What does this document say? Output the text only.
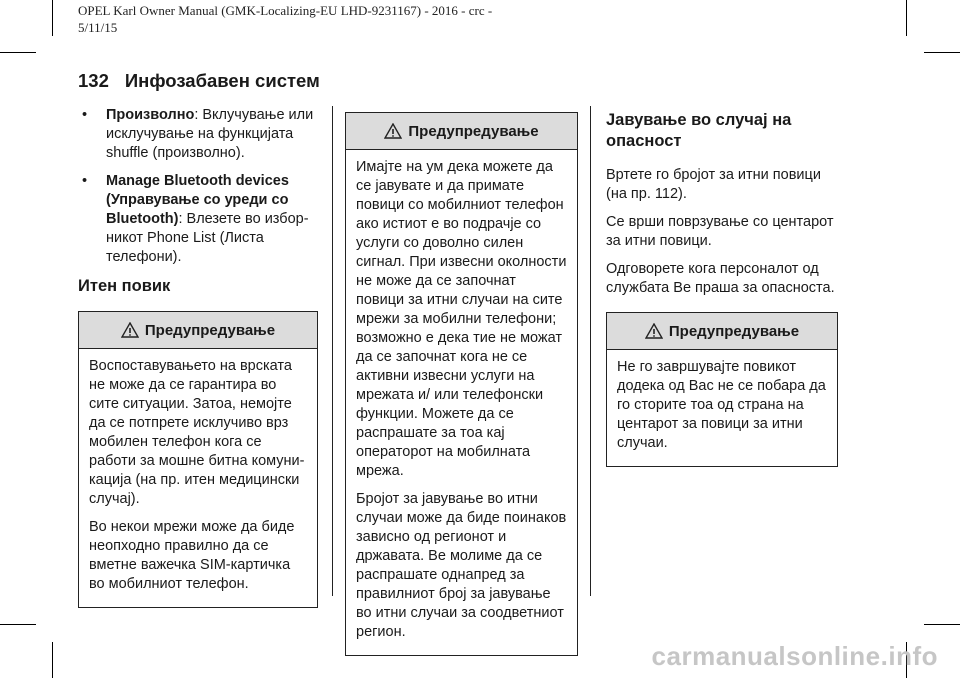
OPEL Karl Owner Manual (GMK-Localizing-EU LHD-9231167) - 2016 - crc -
5/11/15
132 Инфозабавен систем
• Произволно: Вклучување или исклучување на функцијата shuffle (произволно).
• Manage Bluetooth devices (Управување со уреди со Bluetooth): Влезете во избор-никот Phone List (Листа телефони).
Итен повик
Предупредување

Воспоставувањето на врската не може да се гарантира во сите ситуации. Затоа, немојте да се потпрете исклучиво врз мобилен телефон кога се работи за мошне битна комуни-кација (на пр. итен медицински случај).

Во некои мрежи може да биде неопходно правилно да се вметне важечка SIM-картичка во мобилниот телефон.

Предупредување

Имајте на ум дека можете да се јавувате и да примате повици со мобилниот телефон ако истиот е во подрачје со услуги со доволно силен сигнал. При извесни околности не може да се започнат повици за итни случаи на сите мрежи за мобилни телефони; возможно е дека тие не можат да се започнат кога не се активни извесни услуги на мрежата и/ или телефонски функции. Можете да се распрашате за тоа кај операторот на мобилната мрежа.

Бројот за јавување во итни случаи може да биде поинаков зависно од регионот и државата. Ве молиме да се распрашате однапред за правилниот број за јавување во итни случаи за соодветниот регион.

Јавување во случај на опасност

Вртете го бројот за итни повици (на пр. 112).

Се врши поврзување со центарот за итни повици.

Одговорете кога персоналот од службата Ве праша за опасноста.

Предупредување

Не го завршувајте повикот додека од Вас не се побара да го сторите тоа од страна на центарот за повици за итни случаи.

carmanualsonline.info
